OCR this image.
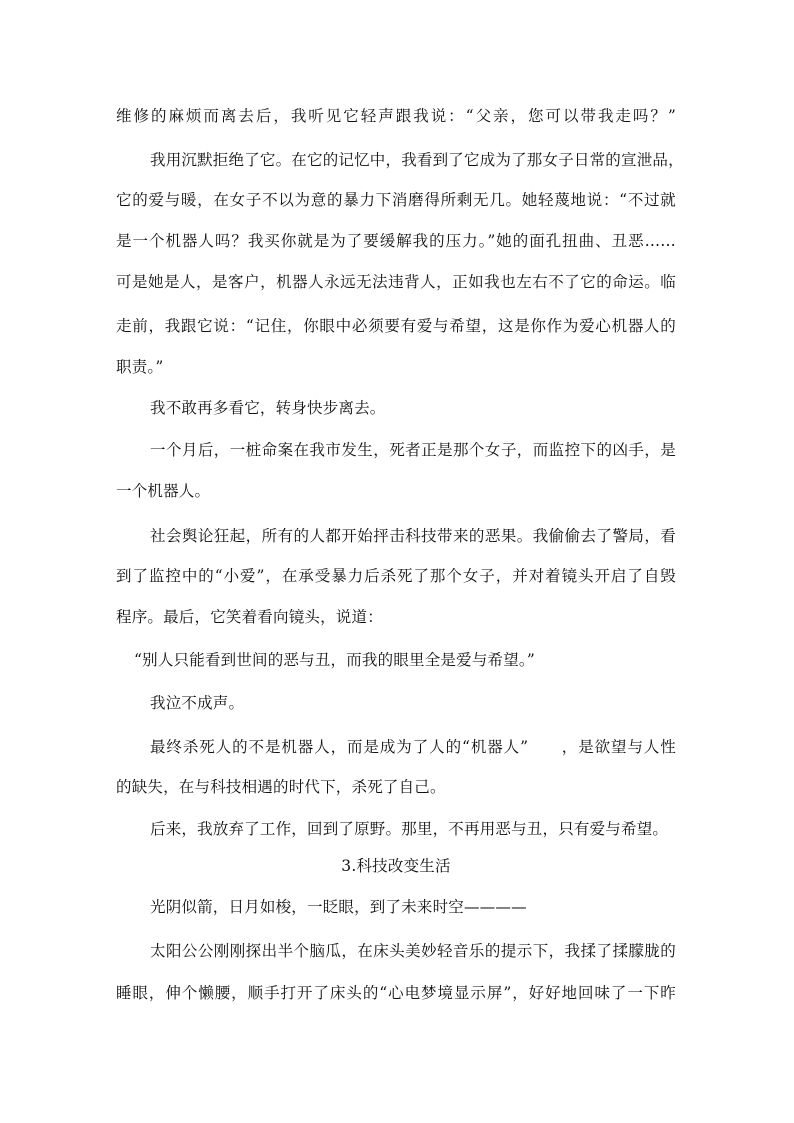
维修的麻烦而离去后，我听见它轻声跟我说：“父亲，您可以带我走吗？”
我用沉默拒绝了它。在它的记忆中，我看到了它成为了那女子日常的宣泄品，
它的爱与暖，在女子不以为意的暴力下消磨得所剩无几。她轻蔑地说：“不过就
是一个机器人吗？我买你就是为了要缓解我的压力。”她的面孔扭曲、丑恶……
可是她是人，是客户，机器人永远无法违背人，正如我也左右不了它的命运。临
走前，我跟它说：“记住，你眼中必须要有爱与希望，这是你作为爱心机器人的
职责。”
我不敢再多看它，转身快步离去。
一个月后，一桩命案在我市发生，死者正是那个女子，而监控下的凶手，是
一个机器人。
社会舆论狂起，所有的人都开始抨击科技带来的恶果。我偷偷去了警局，看
到了监控中的“小爱”，在承受暴力后杀死了那个女子，并对着镜头开启了自毁
程序。最后，它笑着看向镜头，说道：
“别人只能看到世间的恶与丑，而我的眼里全是爱与希望。”
我泣不成声。
最终杀死人的不是机器人，而是成为了人的“机器人”　　，是欲望与人性
的缺失，在与科技相遇的时代下，杀死了自己。
后来，我放弃了工作，回到了原野。那里，不再用恶与丑，只有爱与希望。
3.科技改变生活
光阴似箭，日月如梭，一眨眼，到了未来时空————
太阳公公刚刚探出半个脑瓜，在床头美妙轻音乐的提示下，我揉了揉朦胧的
睡眼，伸个懒腰，顺手打开了床头的“心电梦境显示屏”，好好地回味了一下昨
